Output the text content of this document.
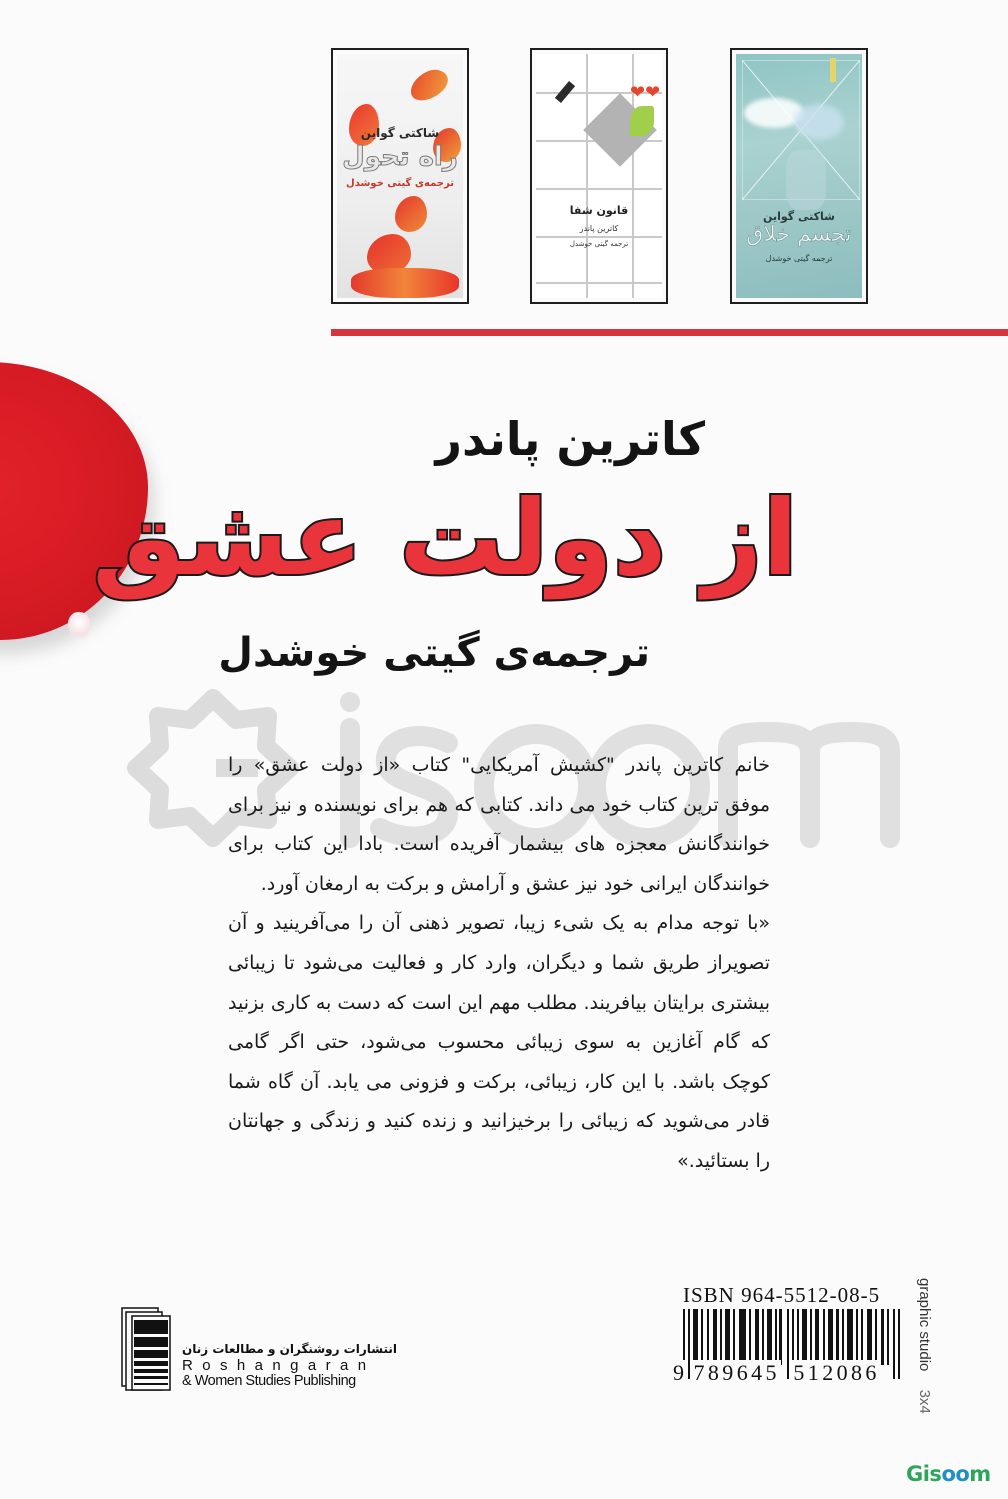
شاکتی گواین
راه تحول
ترجمه‌ی گیتی خوشدل
❤❤
قانون شفا
کاترین پاندر
ترجمه گیتی خوشدل
شاکتی گواین
تجسم خلاق
ترجمه گیتی خوشدل
کاترین پاندر
از دولت عشق
ترجمه‌ی گیتی خوشدل

خانم کاترین پاندر "کشیش آمریکایی" کتاب «از دولت عشق» را موفق ترین کتاب خود می داند. کتابی که هم برای نویسنده و نیز برای خوانندگانش معجزه های بیشمار آفریده است. بادا این کتاب برای خوانندگان ایرانی خود نیز عشق و آرامش و برکت به ارمغان آورد.

«با توجه مدام به یک شیء زیبا، تصویر ذهنی آن را می‌آفرینید و آن تصویراز طریق شما و دیگران، وارد کار و فعالیت می‌شود تا زیبائی بیشتری برایتان بیافریند. مطلب مهم این است که دست به کاری بزنید که گام آغازین به سوی زیبائی محسوب می‌شود، حتی اگر گامی کوچک باشد. با این کار، زیبائی، برکت و فزونی می یابد. آن گاه شما قادر می‌شوید که زیبائی را برخیزانید و زنده کنید و زندگی و جهانتان را بستائید.»

انتشارات روشنگران و مطالعات زنان
Roshangaran
& Women Studies Publishing
ISBN 964-5512-08-5
9 789645 512086
graphic studio 3x4
Gisoom
